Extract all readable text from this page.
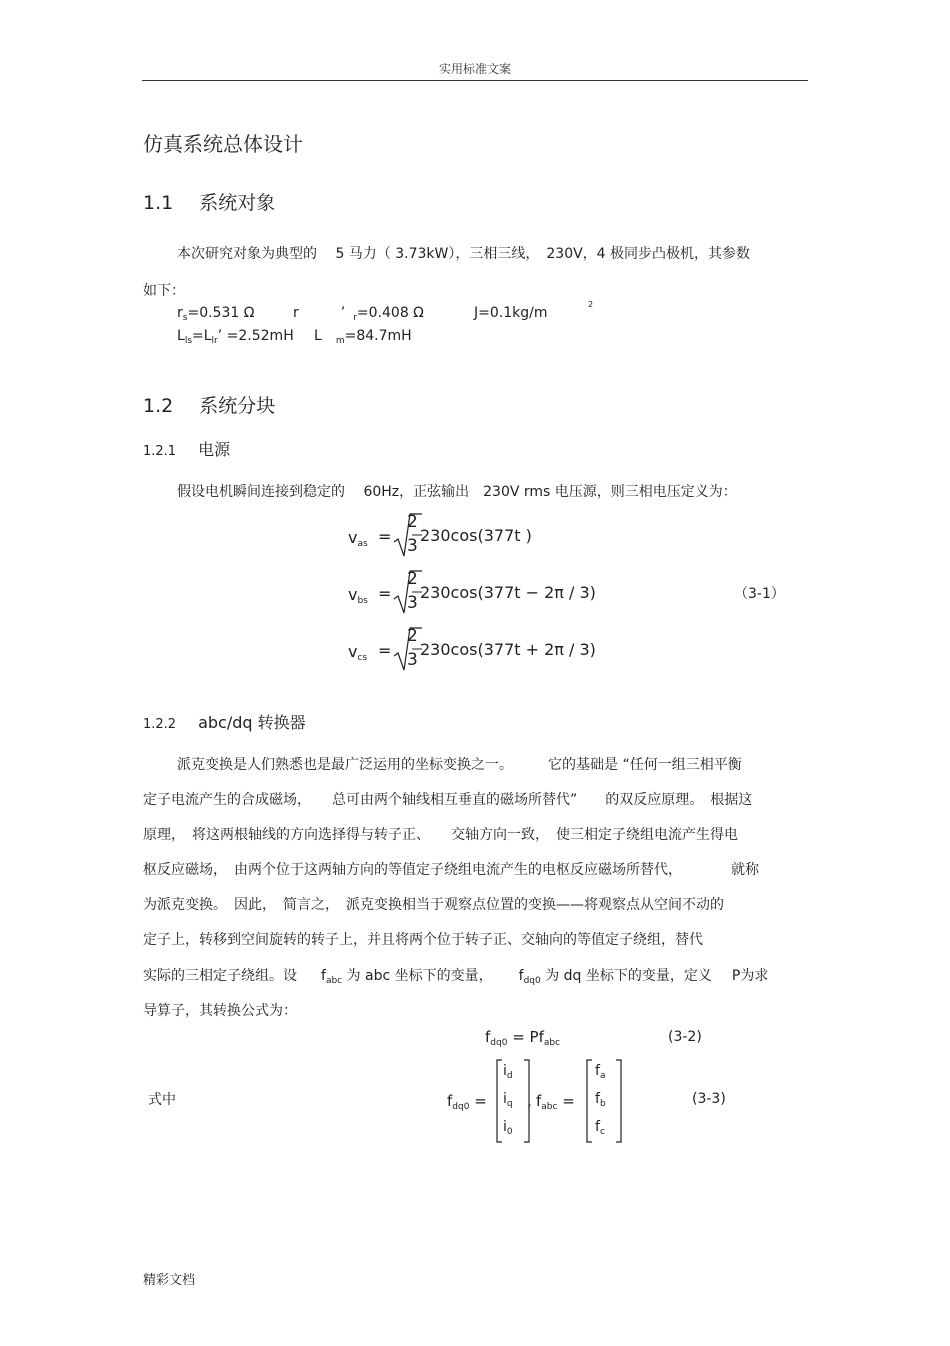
实用标准文案
仿真系统总体设计
1.1 系统对象
本次研究对象为典型的　 5 马力（ 3.73kW），三相三线，　230V，4 极同步凸极机，其参数
如下：
$r_s=0.531$ Ω	r	’ $_r$=0.408 Ω	J=0.1kg/m
2
$L_{ls}=L_{lr}$’ =2.52mH L $_m$=84.7mH
1.2 系统分块
1.2.1 电源
假设电机瞬间连接到稳定的　 60Hz，正弦输出　230V rms 电压源，则三相电压定义为：
$v_{as}$ =
2
3
230cos(377t )
$v_{bs}$ =
2
3
230cos(377t − 2π / 3)
$v_{cs}$ =
2
3
230cos(377t + 2π / 3)
（3-1）
1.2.2 abc/dq 转换器
派克变换是人们熟悉也是最广泛运用的坐标变换之一。　　　它的基础是 “任何一组三相平衡
定子电流产生的合成磁场，　　总可由两个轴线相互垂直的磁场所替代”　　的双反应原理。　根据这
原理，　将这两根轴线的方向选择得与转子正、　　交轴方向一致，　使三相定子绕组电流产生得电
枢反应磁场，　由两个位于这两轴方向的等值定子绕组电流产生的电枢反应磁场所替代，　　　　就称
为派克变换。　因此，　简言之，　派克变换相当于观察点位置的变换——将观察点从空间不动的
定子上，转移到空间旋转的转子上，并且将两个位于转子正、交轴向的等值定子绕组，替代
实际的三相定子绕组。设 $f_{abc}$ 为 abc 坐标下的变量， $f_{dq0}$ 为 dq 坐标下的变量，定义 P为求
导算子，其转换公式为：
$f_{dq0} = Pf_{abc}$	(3-2)
式中	$f_{dq0}$ =
$i_d$
$i_q$
$i_0$
, $f_{abc}$ =
$f_a$
$f_b$
$f_c$
(3-3)
精彩文档
